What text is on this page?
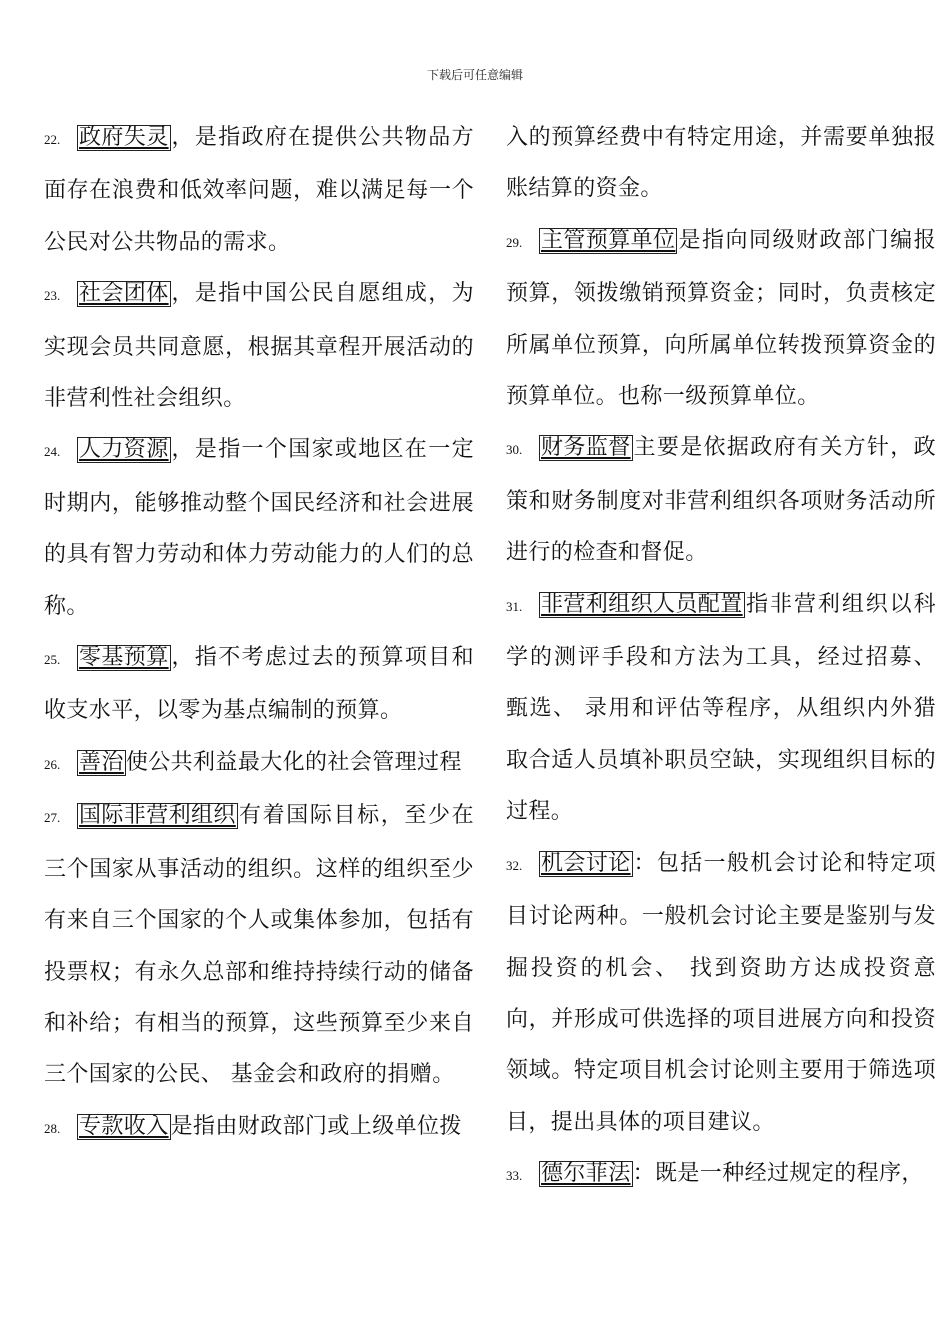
下载后可任意编辑

22. 政府失灵，是指政府在提供公共物品方面存在浪费和低效率问题，难以满足每一个公民对公共物品的需求。

23. 社会团体，是指中国公民自愿组成，为实现会员共同意愿，根据其章程开展活动的非营利性社会组织。

24. 人力资源，是指一个国家或地区在一定时期内，能够推动整个国民经济和社会进展的具有智力劳动和体力劳动能力的人们的总称。

25. 零基预算，指不考虑过去的预算项目和收支水平，以零为基点编制的预算。

26. 善治使公共利益最大化的社会管理过程

27. 国际非营利组织有着国际目标，至少在三个国家从事活动的组织。这样的组织至少有来自三个国家的个人或集体参加，包括有投票权；有永久总部和维持持续行动的储备和补给；有相当的预算，这些预算至少来自三个国家的公民、 基金会和政府的捐赠。

28. 专款收入是指由财政部门或上级单位拨

入的预算经费中有特定用途，并需要单独报账结算的资金。

29. 主管预算单位是指向同级财政部门编报预算，领拨缴销预算资金；同时，负责核定所属单位预算，向所属单位转拨预算资金的预算单位。也称一级预算单位。

30. 财务监督主要是依据政府有关方针，政策和财务制度对非营利组织各项财务活动所进行的检查和督促。

31. 非营利组织人员配置指非营利组织以科学的测评手段和方法为工具，经过招募、 甄选、 录用和评估等程序，从组织内外猎取合适人员填补职员空缺，实现组织目标的过程。

32. 机会讨论：包括一般机会讨论和特定项目讨论两种。一般机会讨论主要是鉴别与发掘投资的机会、 找到资助方达成投资意向，并形成可供选择的项目进展方向和投资领域。特定项目机会讨论则主要用于筛选项目，提出具体的项目建议。

33. 德尔菲法：既是一种经过规定的程序，
